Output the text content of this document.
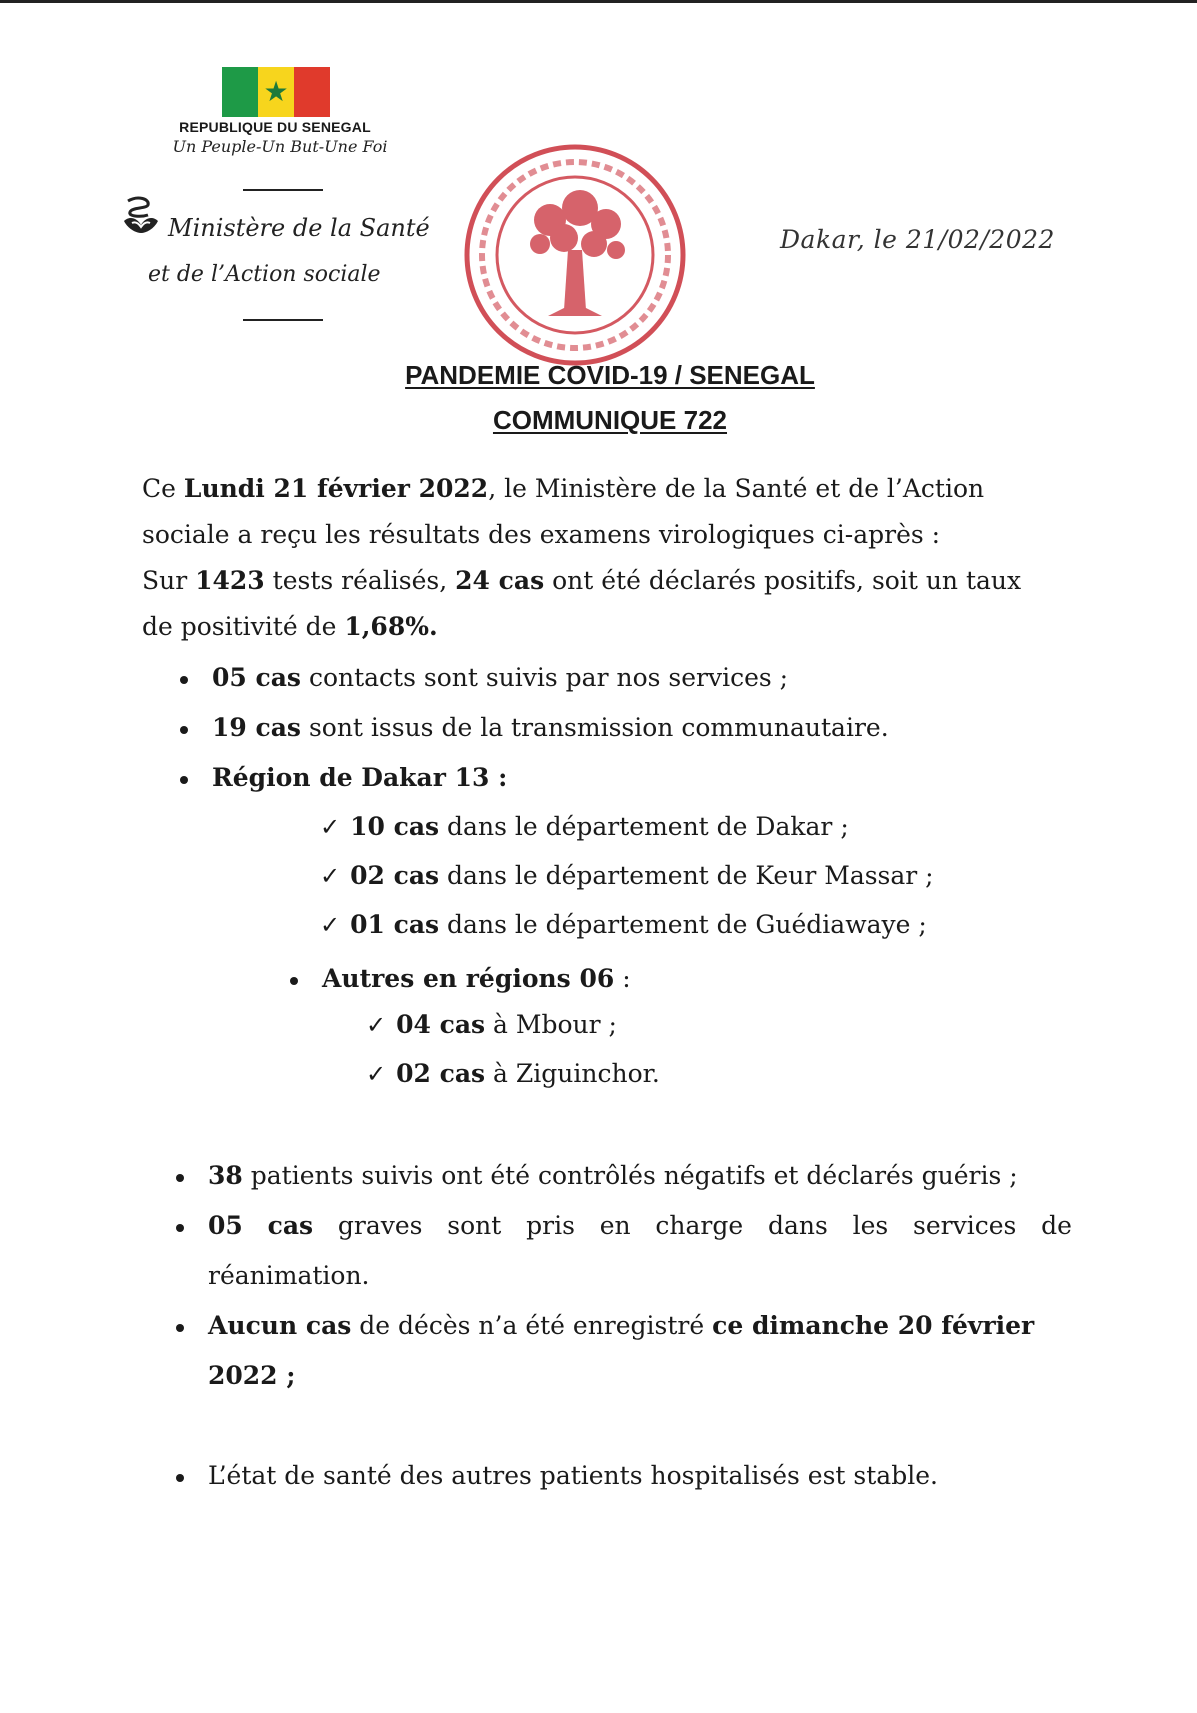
★
REPUBLIQUE DU SENEGAL
Un Peuple-Un But-Une Foi
Ministère de la Santé
et de l’Action sociale
Dakar, le 21/02/2022
PANDEMIE COVID-19 / SENEGAL
COMMUNIQUE 722
Ce Lundi 21 février 2022, le Ministère de la Santé et de l’Action
sociale a reçu les résultats des examens virologiques ci-après :
Sur 1423 tests réalisés, 24 cas ont été déclarés positifs, soit un taux
de positivité de 1,68%.
05 cas contacts sont suivis par nos services ;
19 cas sont issus de la transmission communautaire.
Région de Dakar 13 :
✓ 10 cas dans le département de Dakar ;
✓ 02 cas dans le département de Keur Massar ;
✓ 01 cas dans le département de Guédiawaye ;
Autres en régions 06 :
✓ 04 cas à Mbour ;
✓ 02 cas à Ziguinchor.
38 patients suivis ont été contrôlés négatifs et déclarés guéris ;
05 cas graves sont pris en charge dans les services de
réanimation.
Aucun cas de décès n’a été enregistré ce dimanche 20 février
2022 ;
L’état de santé des autres patients hospitalisés est stable.
